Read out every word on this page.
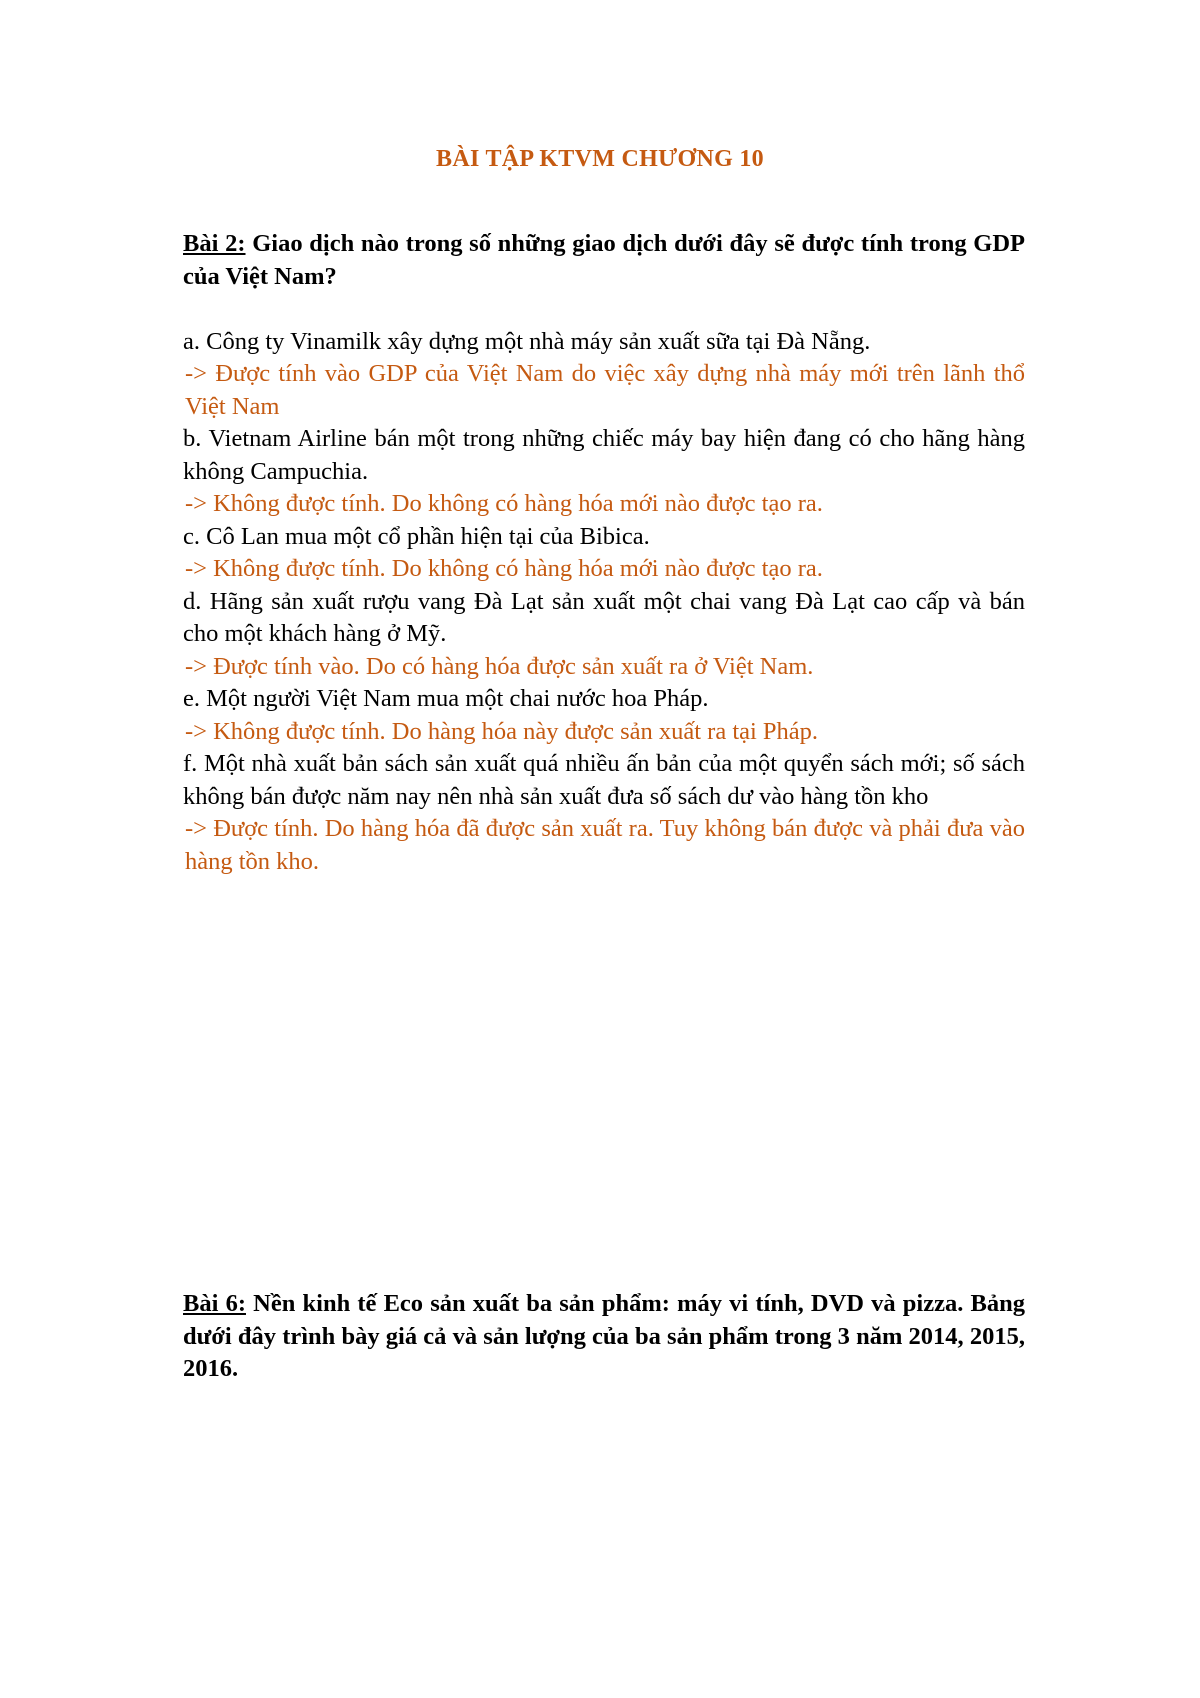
BÀI TẬP KTVM CHƯƠNG 10
Bài 2: Giao dịch nào trong số những giao dịch dưới đây sẽ được tính trong GDP của Việt Nam?
a. Công ty Vinamilk xây dựng một nhà máy sản xuất sữa tại Đà Nẵng.
-> Được tính vào GDP của Việt Nam do việc xây dựng nhà máy mới trên lãnh thổ Việt Nam
b. Vietnam Airline bán một trong những chiếc máy bay hiện đang có cho hãng hàng không Campuchia.
-> Không được tính. Do không có hàng hóa mới nào được tạo ra.
c. Cô Lan mua một cổ phần hiện tại của Bibica.
-> Không được tính. Do không có hàng hóa mới nào được tạo ra.
d. Hãng sản xuất rượu vang Đà Lạt sản xuất một chai vang Đà Lạt cao cấp và bán cho một khách hàng ở Mỹ.
-> Được tính vào. Do có hàng hóa được sản xuất ra ở Việt Nam.
e. Một người Việt Nam mua một chai nước hoa Pháp.
-> Không được tính. Do hàng hóa này được sản xuất ra tại Pháp.
f. Một nhà xuất bản sách sản xuất quá nhiều ấn bản của một quyển sách mới; số sách không bán được năm nay nên nhà sản xuất đưa số sách dư vào hàng tồn kho
-> Được tính. Do hàng hóa đã được sản xuất ra. Tuy không bán được và phải đưa vào hàng tồn kho.
Bài 6: Nền kinh tế Eco sản xuất ba sản phẩm: máy vi tính, DVD và pizza. Bảng dưới đây trình bày giá cả và sản lượng của ba sản phẩm trong 3 năm 2014, 2015, 2016.
